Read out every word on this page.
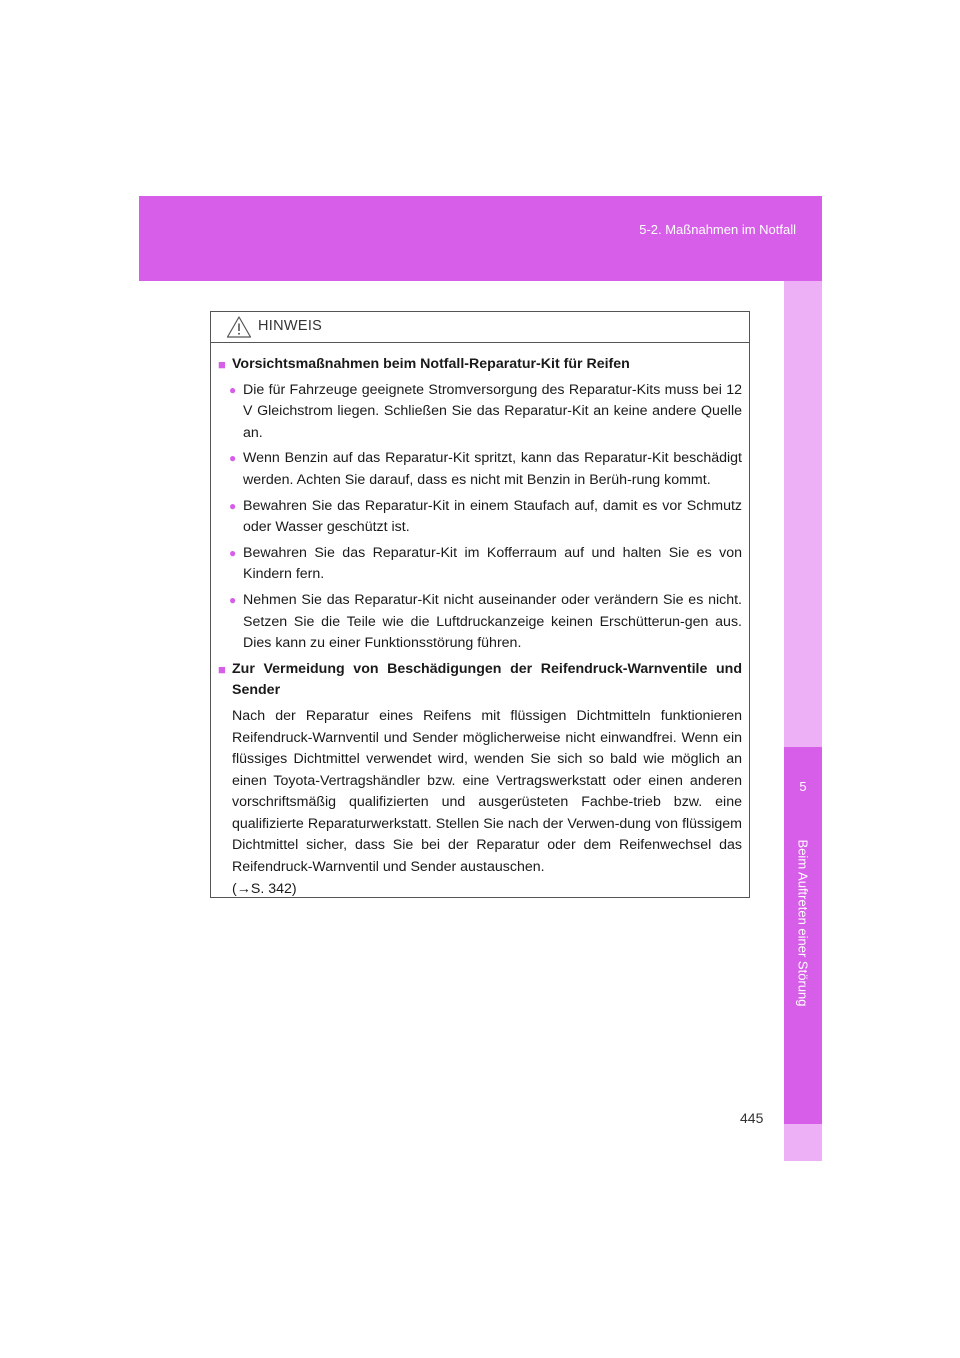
5-2. Maßnahmen im Notfall
5
Beim Auftreten einer Störung
HINWEIS
■ Vorsichtsmaßnahmen beim Notfall-Reparatur-Kit für Reifen
● Die für Fahrzeuge geeignete Stromversorgung des Reparatur-Kits muss bei 12 V Gleichstrom liegen. Schließen Sie das Reparatur-Kit an keine andere Quelle an.
● Wenn Benzin auf das Reparatur-Kit spritzt, kann das Reparatur-Kit beschädigt werden. Achten Sie darauf, dass es nicht mit Benzin in Berüh-rung kommt.
● Bewahren Sie das Reparatur-Kit in einem Staufach auf, damit es vor Schmutz oder Wasser geschützt ist.
● Bewahren Sie das Reparatur-Kit im Kofferraum auf und halten Sie es von Kindern fern.
● Nehmen Sie das Reparatur-Kit nicht auseinander oder verändern Sie es nicht. Setzen Sie die Teile wie die Luftdruckanzeige keinen Erschütterun-gen aus. Dies kann zu einer Funktionsstörung führen.
■ Zur Vermeidung von Beschädigungen der Reifendruck-Warnventile und Sender
Nach der Reparatur eines Reifens mit flüssigen Dichtmitteln funktionieren Reifendruck-Warnventil und Sender möglicherweise nicht einwandfrei. Wenn ein flüssiges Dichtmittel verwendet wird, wenden Sie sich so bald wie möglich an einen Toyota-Vertragshändler bzw. eine Vertragswerkstatt oder einen anderen vorschriftsmäßig qualifizierten und ausgerüsteten Fachbe-trieb bzw. eine qualifizierte Reparaturwerkstatt. Stellen Sie nach der Verwen-dung von flüssigem Dichtmittel sicher, dass Sie bei der Reparatur oder dem Reifenwechsel das Reifendruck-Warnventil und Sender austauschen.
(→S. 342)
445
